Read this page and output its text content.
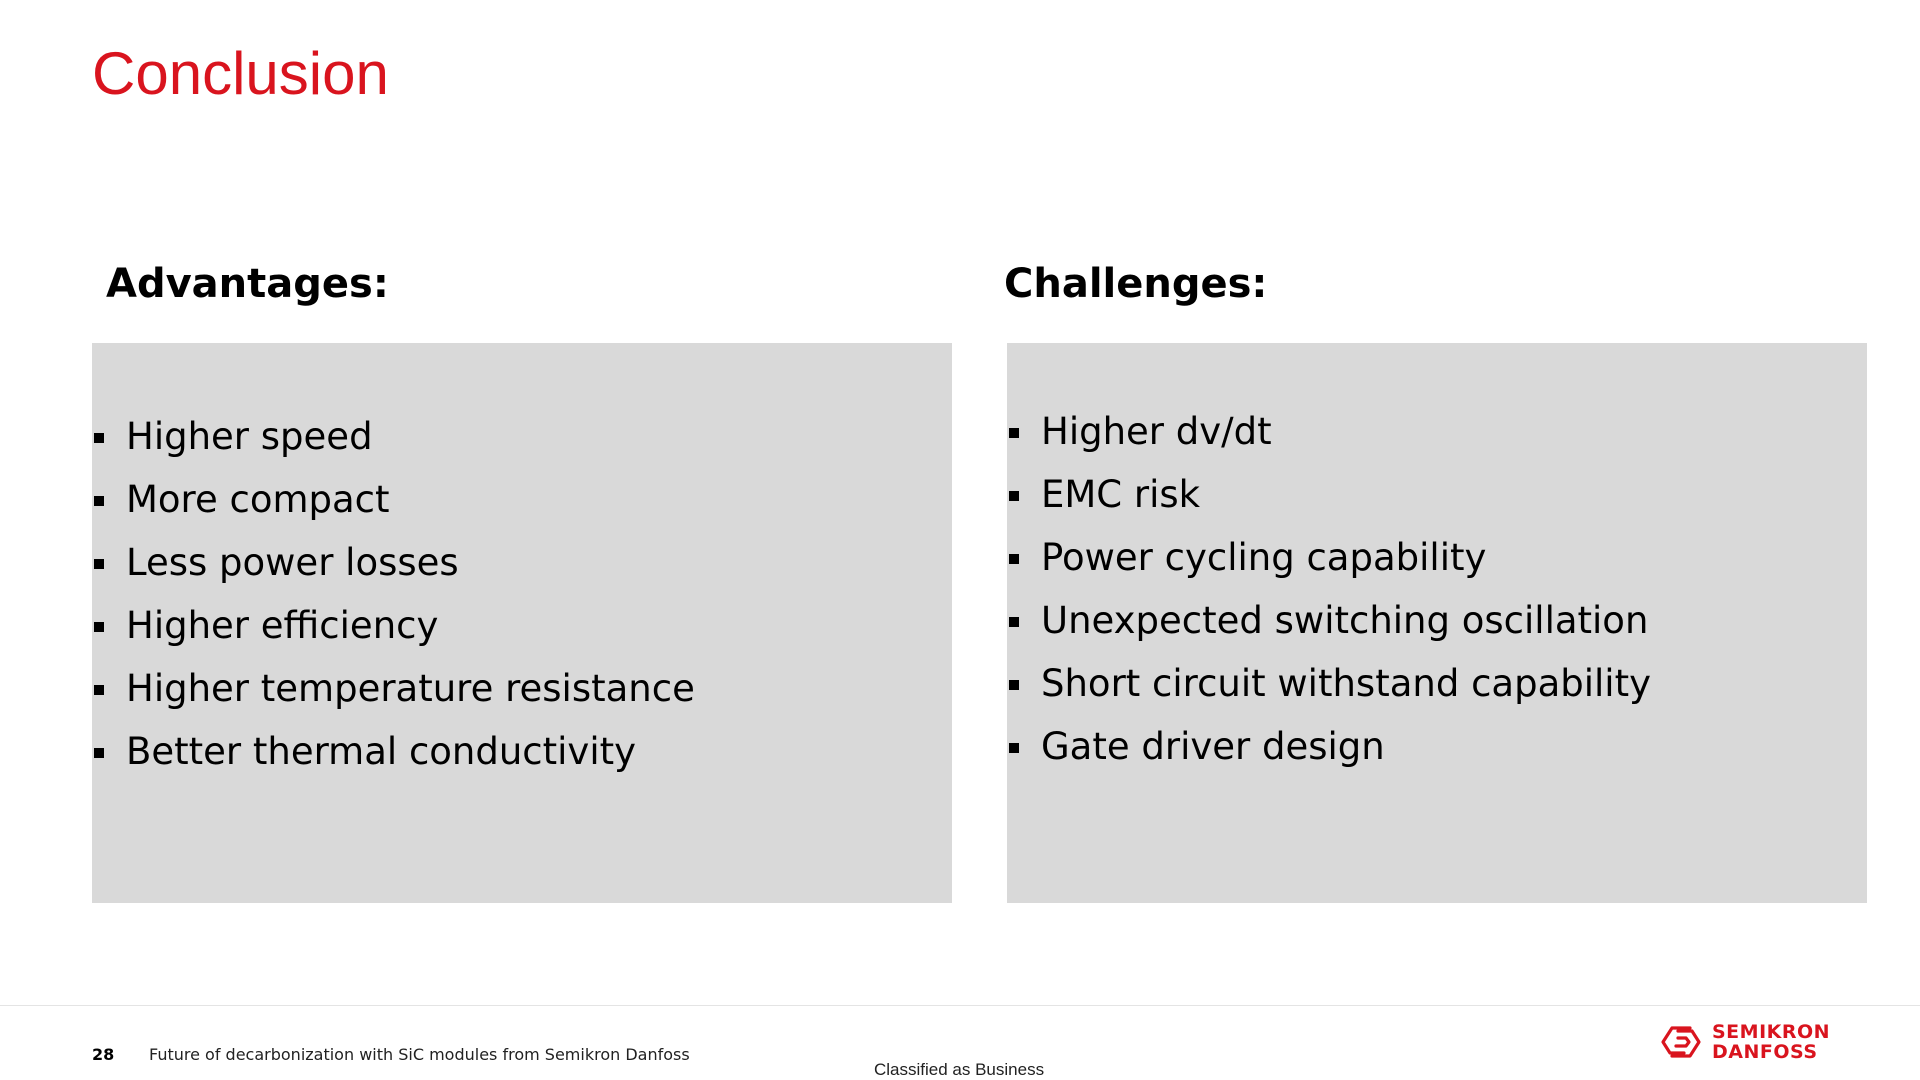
Conclusion
Advantages:	Challenges:
Higher speed
More compact
Less power losses
Higher efficiency
Higher temperature resistance
Better thermal conductivity
Higher dv/dt
EMC risk
Power cycling capability
Unexpected switching oscillation
Short circuit withstand capability
Gate driver design
28 Future of decarbonization with SiC modules from Semikron Danfoss
Classified as Business
SEMIKRON
DANFOSS
